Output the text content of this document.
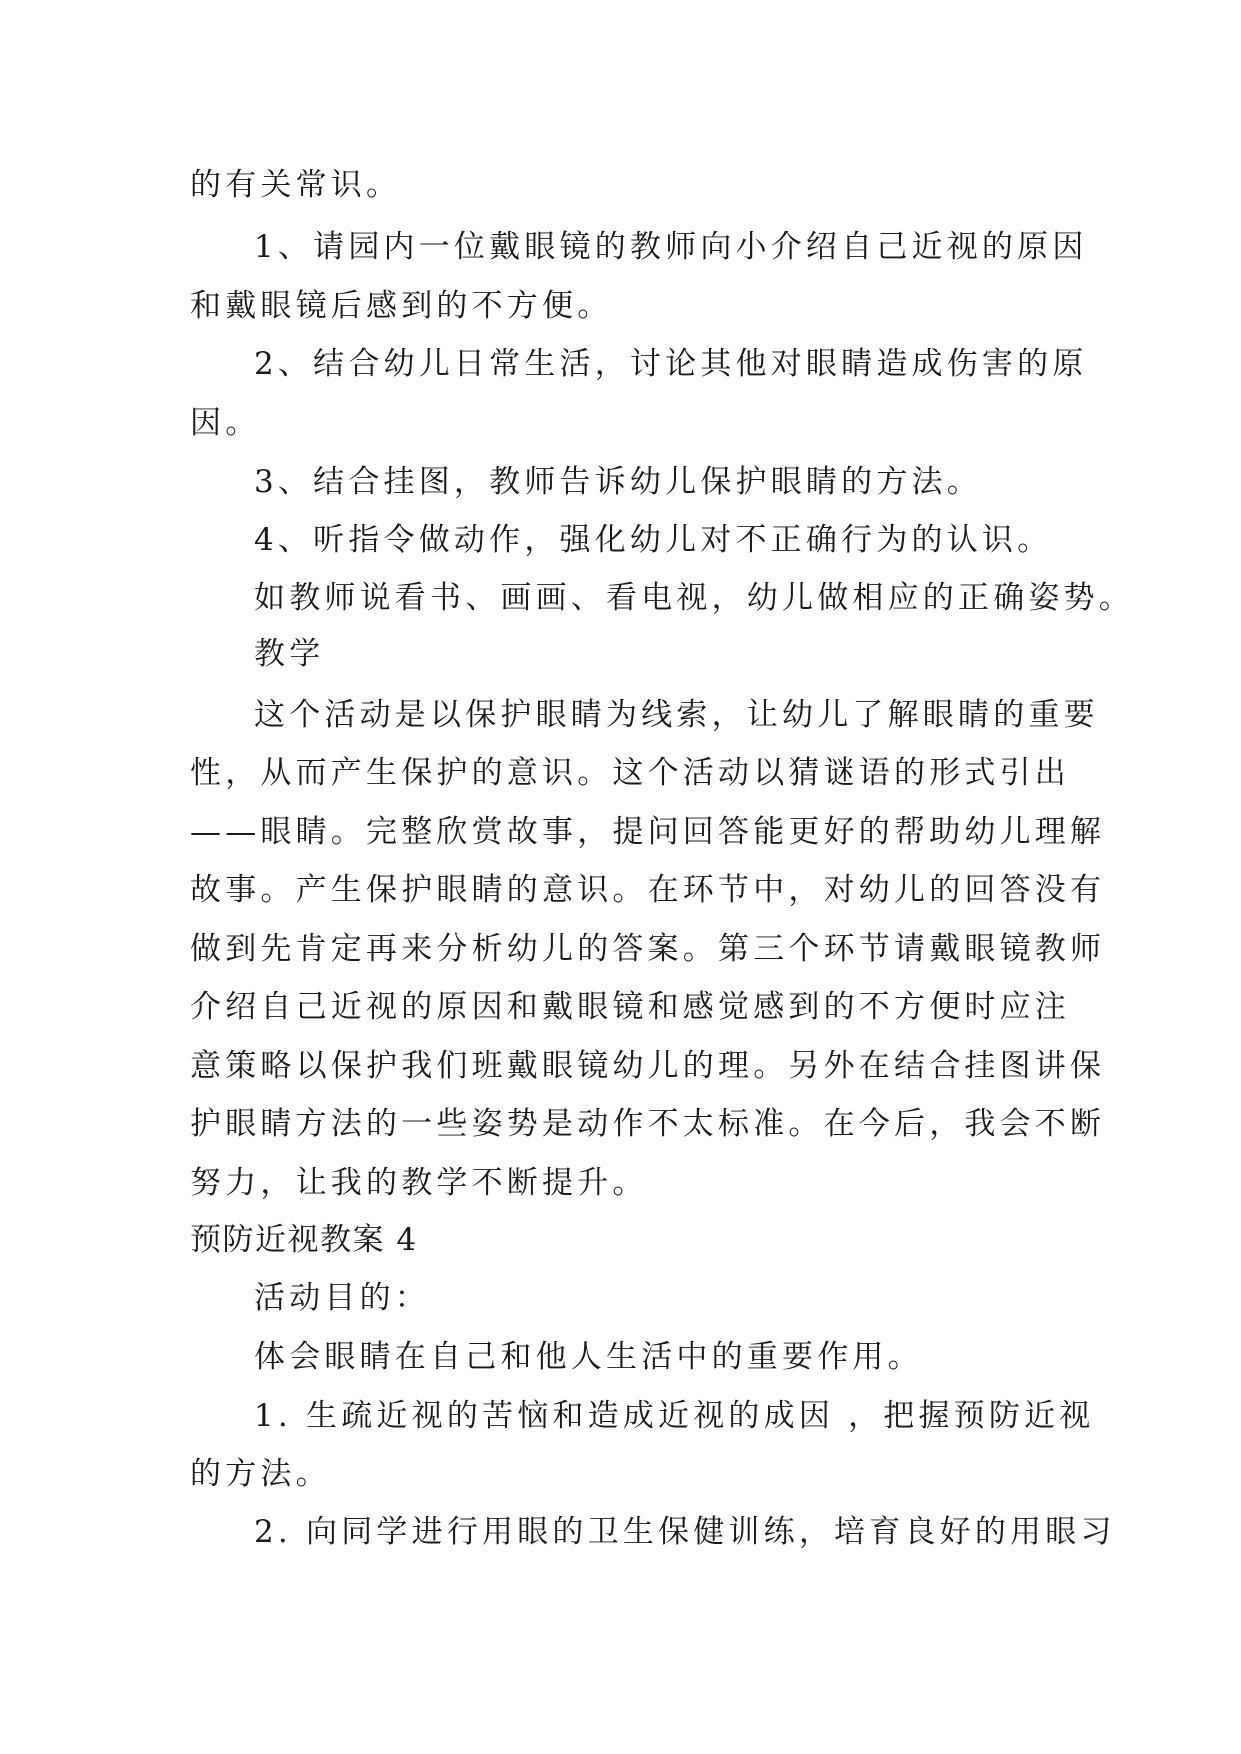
的有关常识。
1、请园内一位戴眼镜的教师向小介绍自己近视的原因
和戴眼镜后感到的不方便。
2、结合幼儿日常生活，讨论其他对眼睛造成伤害的原
因。
3、结合挂图，教师告诉幼儿保护眼睛的方法。
4、听指令做动作，强化幼儿对不正确行为的认识。
如教师说看书、画画、看电视，幼儿做相应的正确姿势。
教学
这个活动是以保护眼睛为线索，让幼儿了解眼睛的重要
性，从而产生保护的意识。这个活动以猜谜语的形式引出
——眼睛。完整欣赏故事，提问回答能更好的帮助幼儿理解
故事。产生保护眼睛的意识。在环节中，对幼儿的回答没有
做到先肯定再来分析幼儿的答案。第三个环节请戴眼镜教师
介绍自己近视的原因和戴眼镜和感觉感到的不方便时应注
意策略以保护我们班戴眼镜幼儿的理。另外在结合挂图讲保
护眼睛方法的一些姿势是动作不太标准。在今后，我会不断
努力，让我的教学不断提升。
预防近视教案 4
活动目的：
体会眼睛在自己和他人生活中的重要作用。
1. 生疏近视的苦恼和造成近视的成因 ，把握预防近视
的方法。
2. 向同学进行用眼的卫生保健训练，培育良好的用眼习
